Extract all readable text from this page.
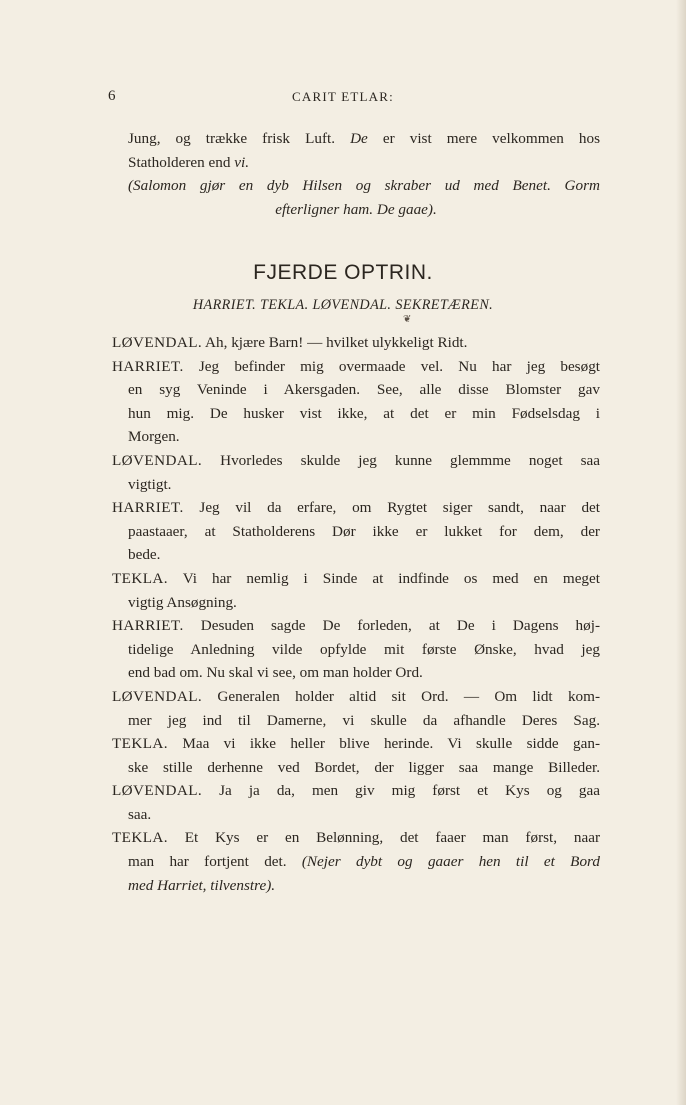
6	CARIT ETLAR:
Jung, og trække frisk Luft. De er vist mere velkommen hos
Statholderen end vi.
(Salomon gjør en dyb Hilsen og skraber ud med Benet. Gorm
efterligner ham. De gaae).
FJERDE OPTRIN.
HARRIET. TEKLA. LØVENDAL. SEKRETÆREN.
❦
LØVENDAL. Ah, kjære Barn! — hvilket ulykkeligt Ridt.
HARRIET. Jeg befinder mig overmaade vel. Nu har jeg besøgt
en syg Veninde i Akersgaden. See, alle disse Blomster gav
hun mig. De husker vist ikke, at det er min Fødselsdag i
Morgen.
LØVENDAL. Hvorledes skulde jeg kunne glemmme noget saa
vigtigt.
HARRIET. Jeg vil da erfare, om Rygtet siger sandt, naar det
paastaaer, at Statholderens Dør ikke er lukket for dem, der
bede.
TEKLA. Vi har nemlig i Sinde at indfinde os med en meget
vigtig Ansøgning.
HARRIET. Desuden sagde De forleden, at De i Dagens høj-
tidelige Anledning vilde opfylde mit første Ønske, hvad jeg
end bad om. Nu skal vi see, om man holder Ord.
LØVENDAL. Generalen holder altid sit Ord. — Om lidt kom-
mer jeg ind til Damerne, vi skulle da afhandle Deres Sag.
TEKLA. Maa vi ikke heller blive herinde. Vi skulle sidde gan-
ske stille derhenne ved Bordet, der ligger saa mange Billeder.
LØVENDAL. Ja ja da, men giv mig først et Kys og gaa
saa.
TEKLA. Et Kys er en Belønning, det faaer man først, naar
man har fortjent det. (Nejer dybt og gaaer hen til et Bord
med Harriet, tilvenstre).
